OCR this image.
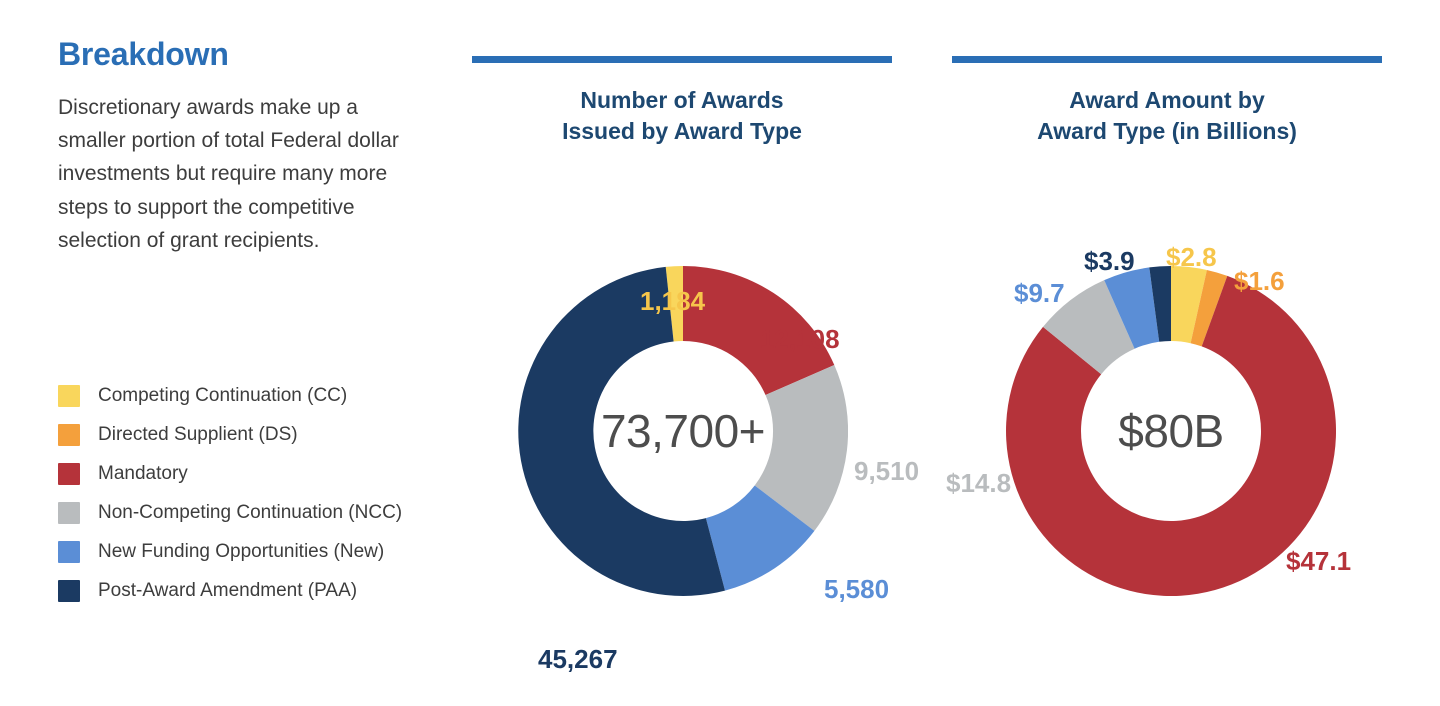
Breakdown

Discretionary awards make up a smaller portion of total Federal dollar investments but require many more steps to support the competitive selection of grant recipients.

Competing Continuation (CC)
Directed Supplient (DS)
Mandatory
Non-Competing Continuation (NCC)
New Funding Opportunities (New)
Post-Award Amendment (PAA)
Number of Awards
Issued by Award Type
73,700+
1,184
12,108
9,510
5,580
45,267
Award Amount by
Award Type (in Billions)
$80B
$2.8
$1.6
$47.1
$14.8
$9.7
$3.9
